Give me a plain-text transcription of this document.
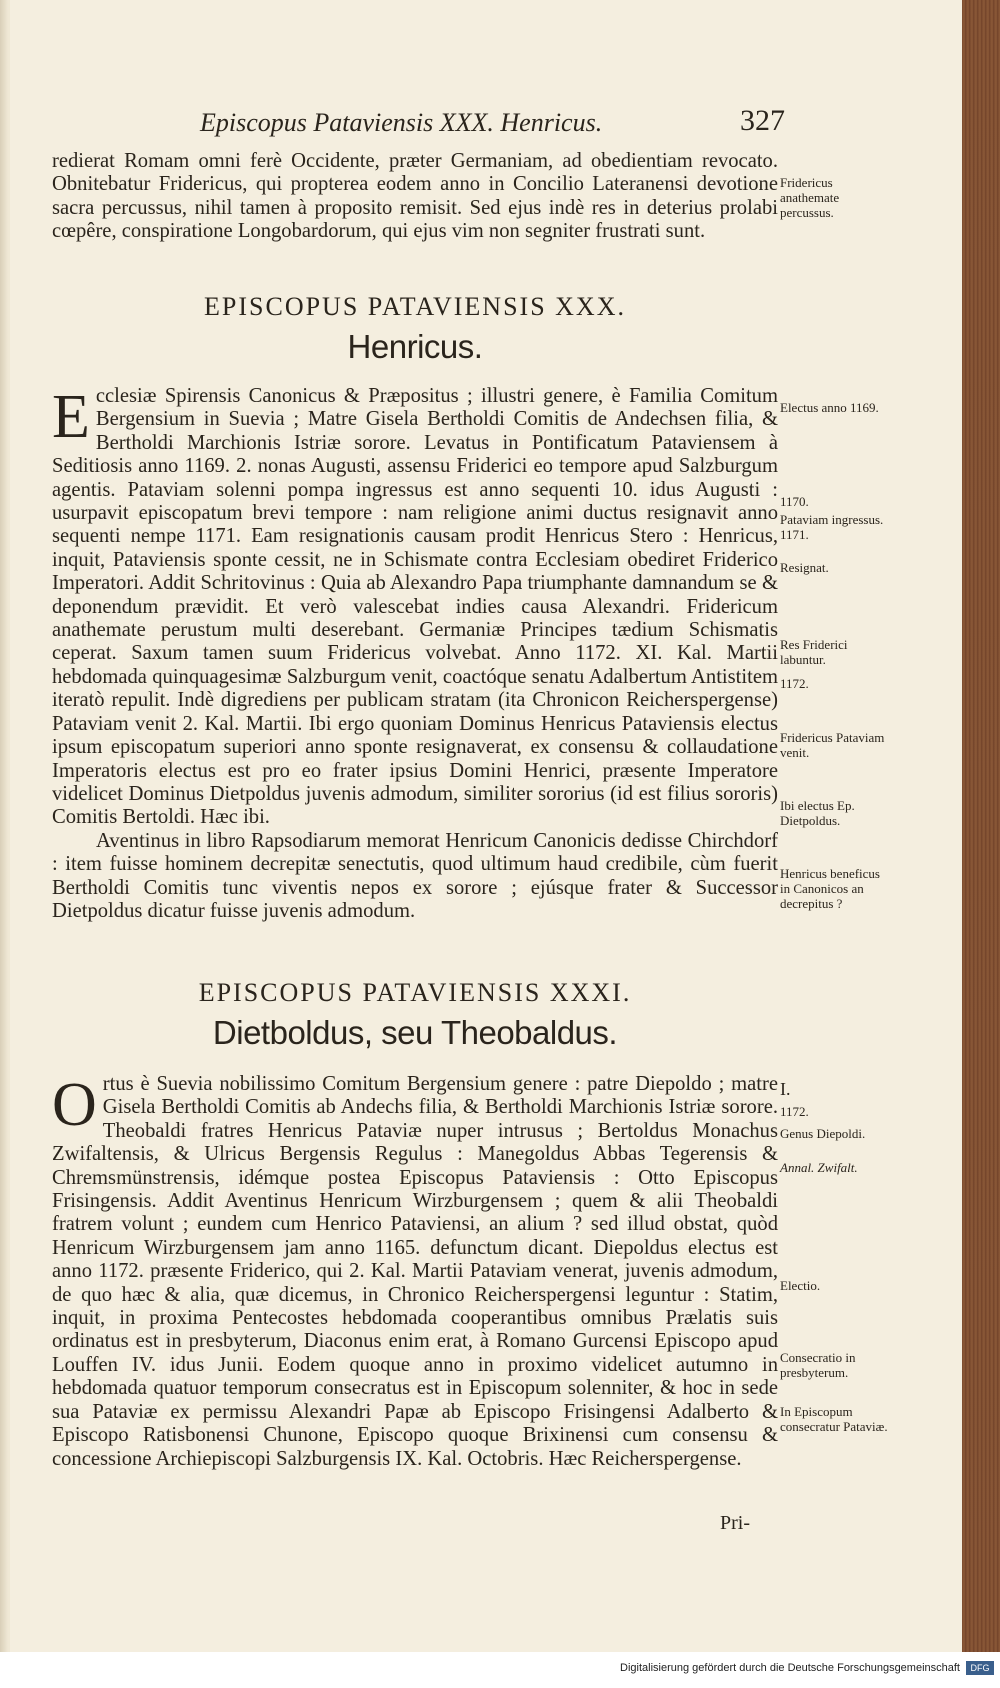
Episcopus Pataviensis XXX. Henricus.	327

redierat Romam omni ferè Occidente, præter Germaniam, ad obedientiam revocato. Obnitebatur Fridericus, qui propterea eodem anno in Concilio Lateranensi devotione sacra percussus, nihil tamen à proposito remisit. Sed ejus indè res in deterius prolabi cœpêre, conspiratione Longobardorum, qui ejus vim non segniter frustrati sunt.

EPISCOPUS PATAVIENSIS XXX.
Henricus.

Ecclesiæ Spirensis Canonicus & Præpositus ; illustri genere, è Familia Comitum Bergensium in Suevia ; Matre Gisela Bertholdi Comitis de Andechsen filia, & Bertholdi Marchionis Istriæ sorore. Levatus in Pontificatum Pataviensem à Seditiosis anno 1169. 2. nonas Augusti, assensu Friderici eo tempore apud Salzburgum agentis. Pataviam solenni pompa ingressus est anno sequenti 10. idus Augusti : usurpavit episcopatum brevi tempore : nam religione animi ductus resignavit anno sequenti nempe 1171. Eam resignationis causam prodit Henricus Stero : Henricus, inquit, Pataviensis sponte cessit, ne in Schismate contra Ecclesiam obediret Friderico Imperatori. Addit Schritovinus : Quia ab Alexandro Papa triumphante damnandum se & deponendum prævidit. Et verò valescebat indies causa Alexandri. Fridericum anathemate perustum multi deserebant. Germaniæ Principes tædium Schismatis ceperat. Saxum tamen suum Fridericus volvebat. Anno 1172. XI. Kal. Martii hebdomada quinquagesimæ Salzburgum venit, coactóque senatu Adalbertum Antistitem iteratò repulit. Indè digrediens per publicam stratam (ita Chronicon Reicherspergense) Pataviam venit 2. Kal. Martii. Ibi ergo quoniam Dominus Henricus Pataviensis electus ipsum episcopatum superiori anno sponte resignaverat, ex consensu & collaudatione Imperatoris electus est pro eo frater ipsius Domini Henrici, præsente Imperatore videlicet Dominus Dietpoldus juvenis admodum, similiter sororius (id est filius sororis) Comitis Bertoldi. Hæc ibi.

Aventinus in libro Rapsodiarum memorat Henricum Canonicis dedisse Chirchdorf : item fuisse hominem decrepitæ senectutis, quod ultimum haud credibile, cùm fuerit Bertholdi Comitis tunc viventis nepos ex sorore ; ejúsque frater & Successor Dietpoldus dicatur fuisse juvenis admodum.

EPISCOPUS PATAVIENSIS XXXI.
Dietboldus, seu Theobaldus.

Ortus è Suevia nobilissimo Comitum Bergensium genere : patre Diepoldo ; matre Gisela Bertholdi Comitis ab Andechs filia, & Bertholdi Marchionis Istriæ sorore. Theobaldi fratres Henricus Pataviæ nuper intrusus ; Bertoldus Monachus Zwifaltensis, & Ulricus Bergensis Regulus : Manegoldus Abbas Tegerensis & Chremsmünstrensis, idémque postea Episcopus Pataviensis : Otto Episcopus Frisingensis. Addit Aventinus Henricum Wirzburgensem ; quem & alii Theobaldi fratrem volunt ; eundem cum Henrico Pataviensi, an alium ? sed illud obstat, quòd Henricum Wirzburgensem jam anno 1165. defunctum dicant. Diepoldus electus est anno 1172. præsente Friderico, qui 2. Kal. Martii Pataviam venerat, juvenis admodum, de quo hæc & alia, quæ dicemus, in Chronico Reicherspergensi leguntur : Statim, inquit, in proxima Pentecostes hebdomada cooperantibus omnibus Prælatis suis ordinatus est in presbyterum, Diaconus enim erat, à Romano Gurcensi Episcopo apud Louffen IV. idus Junii. Eodem quoque anno in proximo videlicet autumno in hebdomada quatuor temporum consecratus est in Episcopum solenniter, & hoc in sede sua Pataviæ ex permissu Alexandri Papæ ab Episcopo Frisingensi Adalberto & Episcopo Ratisbonensi Chunone, Episcopo quoque Brixinensi cum consensu & concessione Archiepiscopi Salzburgensis IX. Kal. Octobris. Hæc Reicherspergense.

Pri-
Fridericus anathemate percussus.
Electus anno 1169.
1170.
Pataviam ingressus. 1171.
Resignat.
Res Friderici labuntur.
1172.
Fridericus Pataviam venit.
Ibi electus Ep. Dietpoldus.
Henricus beneficus in Canonicos an decrepitus ?
I.
1172.
Genus Diepoldi.
Annal. Zwifalt.
Electio.
Consecratio in presbyterum.
In Episcopum consecratur Pataviæ.
Digitalisierung gefördert durch die Deutsche Forschungsgemeinschaft	DFG
